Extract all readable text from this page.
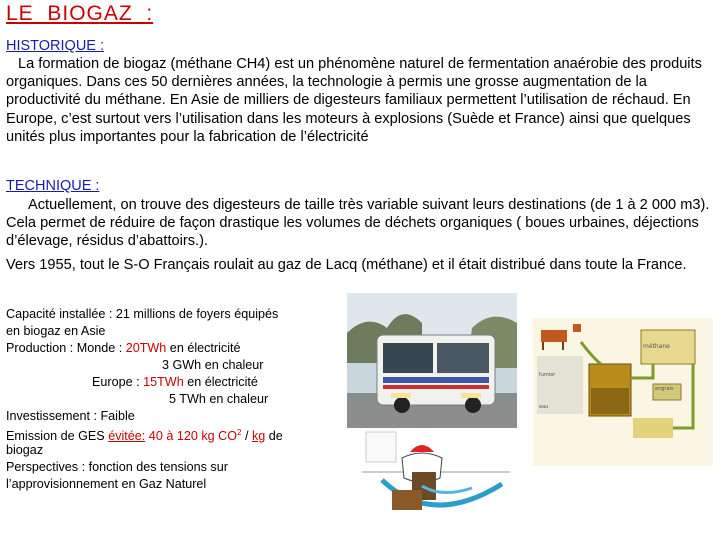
LE  BIOGAZ  :
HISTORIQUE :
La formation de biogaz (méthane CH4) est un phénomène naturel de fermentation anaérobie des produits organiques. Dans ces 50 dernières années, la technologie à permis une grosse augmentation de la productivité du méthane. En Asie de milliers de digesteurs familiaux permettent l’utilisation de réchaud. En Europe, c’est surtout vers l’utilisation dans les moteurs à explosions (Suède et France) ainsi que quelques unités plus importantes pour la fabrication de l’électricité
TECHNIQUE :
Actuellement, on trouve des digesteurs de taille très variable suivant leurs destinations (de 1 à 2 000 m3). Cela permet de réduire de façon drastique les volumes de déchets organiques ( boues urbaines, déjections d’élevage, résidus d’abattoirs.).
Vers 1955, tout le S-O Français roulait au gaz de Lacq (méthane) et il était distribué dans toute la France.
Capacité installée : 21 millions de foyers équipés
en biogaz en Asie
Production : Monde : 20TWh en électricité
3 GWh en chaleur
Europe : 15TWh en électricité
5 TWh en chaleur
Investissement : Faible
Emission de GES évitée: 40 à 120 kg $CO^2$ / kg de
biogaz
Perspectives : fonction des tensions sur
l’approvisionnement en Gaz Naturel
méthane
engrais
fumier
eau
